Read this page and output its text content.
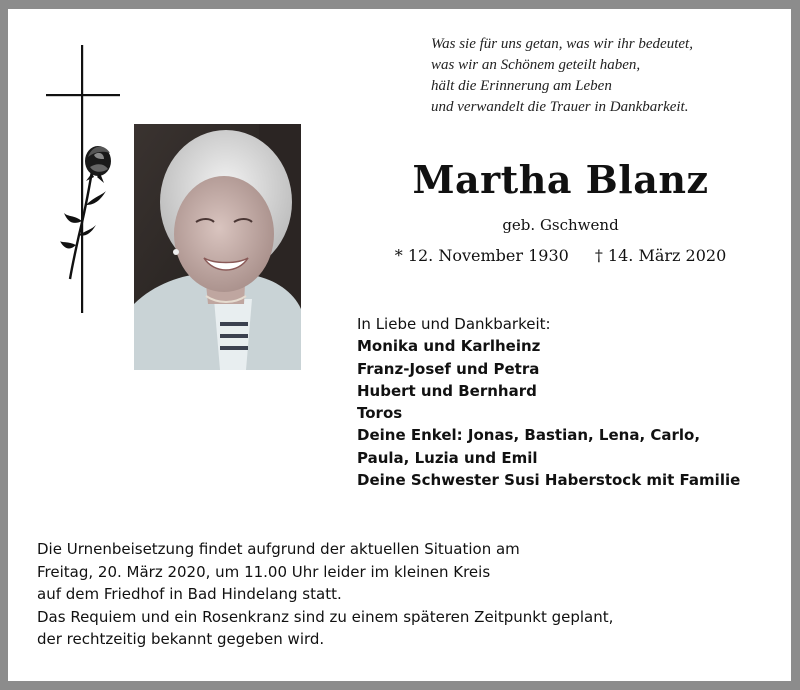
Was sie für uns getan, was wir ihr bedeutet,
was wir an Schönem geteilt haben,
hält die Erinnerung am Leben
und verwandelt die Trauer in Dankbarkeit.
Martha Blanz
geb. Gschwend
* 12. November 1930 † 14. März 2020
In Liebe und Dankbarkeit:
Monika und Karlheinz
Franz-Josef und Petra
Hubert und Bernhard
Toros
Deine Enkel: Jonas, Bastian, Lena, Carlo,
Paula, Luzia und Emil
Deine Schwester Susi Haberstock mit Familie
Die Urnenbeisetzung findet aufgrund der aktuellen Situation am
Freitag, 20. März 2020, um 11.00 Uhr leider im kleinen Kreis
auf dem Friedhof in Bad Hindelang statt.
Das Requiem und ein Rosenkranz sind zu einem späteren Zeitpunkt geplant,
der rechtzeitig bekannt gegeben wird.
